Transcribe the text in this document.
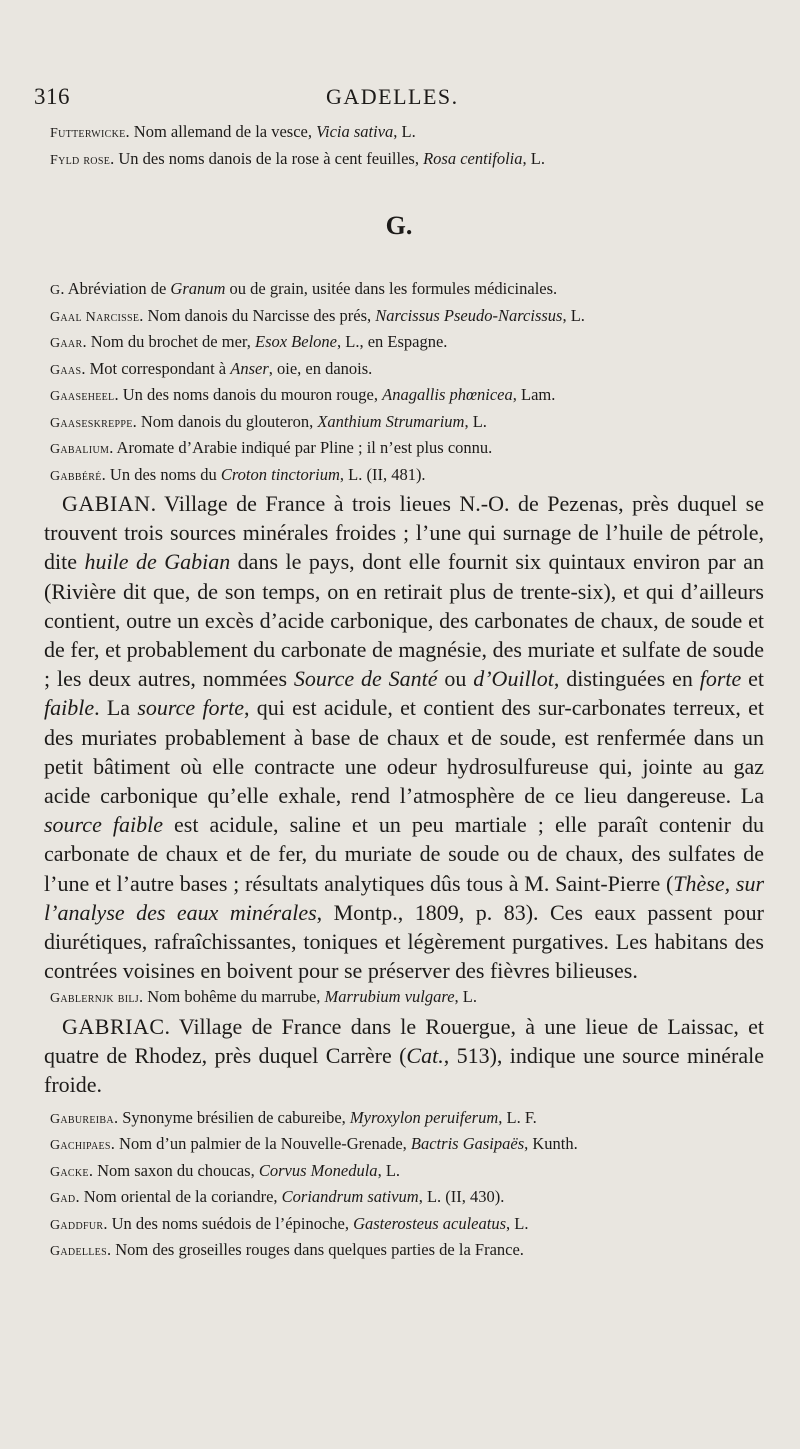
316	GADELLES.

Futterwicke. Nom allemand de la vesce, Vicia sativa, L.

Fyld rose. Un des noms danois de la rose à cent feuilles, Rosa centifolia, L.

G.

G. Abréviation de Granum ou de grain, usitée dans les formules médicinales.

Gaal Narcisse. Nom danois du Narcisse des prés, Narcissus Pseudo-Narcissus, L.

Gaar. Nom du brochet de mer, Esox Belone, L., en Espagne.

Gaas. Mot correspondant à Anser, oie, en danois.

Gaaseheel. Un des noms danois du mouron rouge, Anagallis phœnicea, Lam.

Gaaseskreppe. Nom danois du glouteron, Xanthium Strumarium, L.

Gabalium. Aromate d’Arabie indiqué par Pline ; il n’est plus connu.

Gabbéré. Un des noms du Croton tinctorium, L. (II, 481).

GABIAN. Village de France à trois lieues N.-O. de Pezenas, près duquel se trouvent trois sources minérales froides ; l’une qui surnage de l’huile de pétrole, dite huile de Gabian dans le pays, dont elle fournit six quintaux environ par an (Rivière dit que, de son temps, on en retirait plus de trente-six), et qui d’ailleurs contient, outre un excès d’acide carbonique, des carbonates de chaux, de soude et de fer, et probablement du carbonate de magnésie, des muriate et sulfate de soude ; les deux autres, nommées Source de Santé ou d’Ouillot, distinguées en forte et faible. La source forte, qui est acidule, et contient des sur-carbonates terreux, et des muriates probablement à base de chaux et de soude, est renfermée dans un petit bâtiment où elle contracte une odeur hydrosulfureuse qui, jointe au gaz acide carbonique qu’elle exhale, rend l’atmosphère de ce lieu dangereuse. La source faible est acidule, saline et un peu martiale ; elle paraît contenir du carbonate de chaux et de fer, du muriate de soude ou de chaux, des sulfates de l’une et l’autre bases ; résultats analytiques dûs tous à M. Saint-Pierre (Thèse, sur l’analyse des eaux minérales, Montp., 1809, p. 83). Ces eaux passent pour diurétiques, rafraîchissantes, toniques et légèrement purgatives. Les habitans des contrées voisines en boivent pour se préserver des fièvres bilieuses.

Gablernjk bilj. Nom bohême du marrube, Marrubium vulgare, L.

GABRIAC. Village de France dans le Rouergue, à une lieue de Laissac, et quatre de Rhodez, près duquel Carrère (Cat., 513), indique une source minérale froide.

Gabureiba. Synonyme brésilien de cabureibe, Myroxylon peruiferum, L. F.

Gachipaes. Nom d’un palmier de la Nouvelle-Grenade, Bactris Gasipaës, Kunth.

Gacke. Nom saxon du choucas, Corvus Monedula, L.

Gad. Nom oriental de la coriandre, Coriandrum sativum, L. (II, 430).

Gaddfur. Un des noms suédois de l’épinoche, Gasterosteus aculeatus, L.

Gadelles. Nom des groseilles rouges dans quelques parties de la France.
